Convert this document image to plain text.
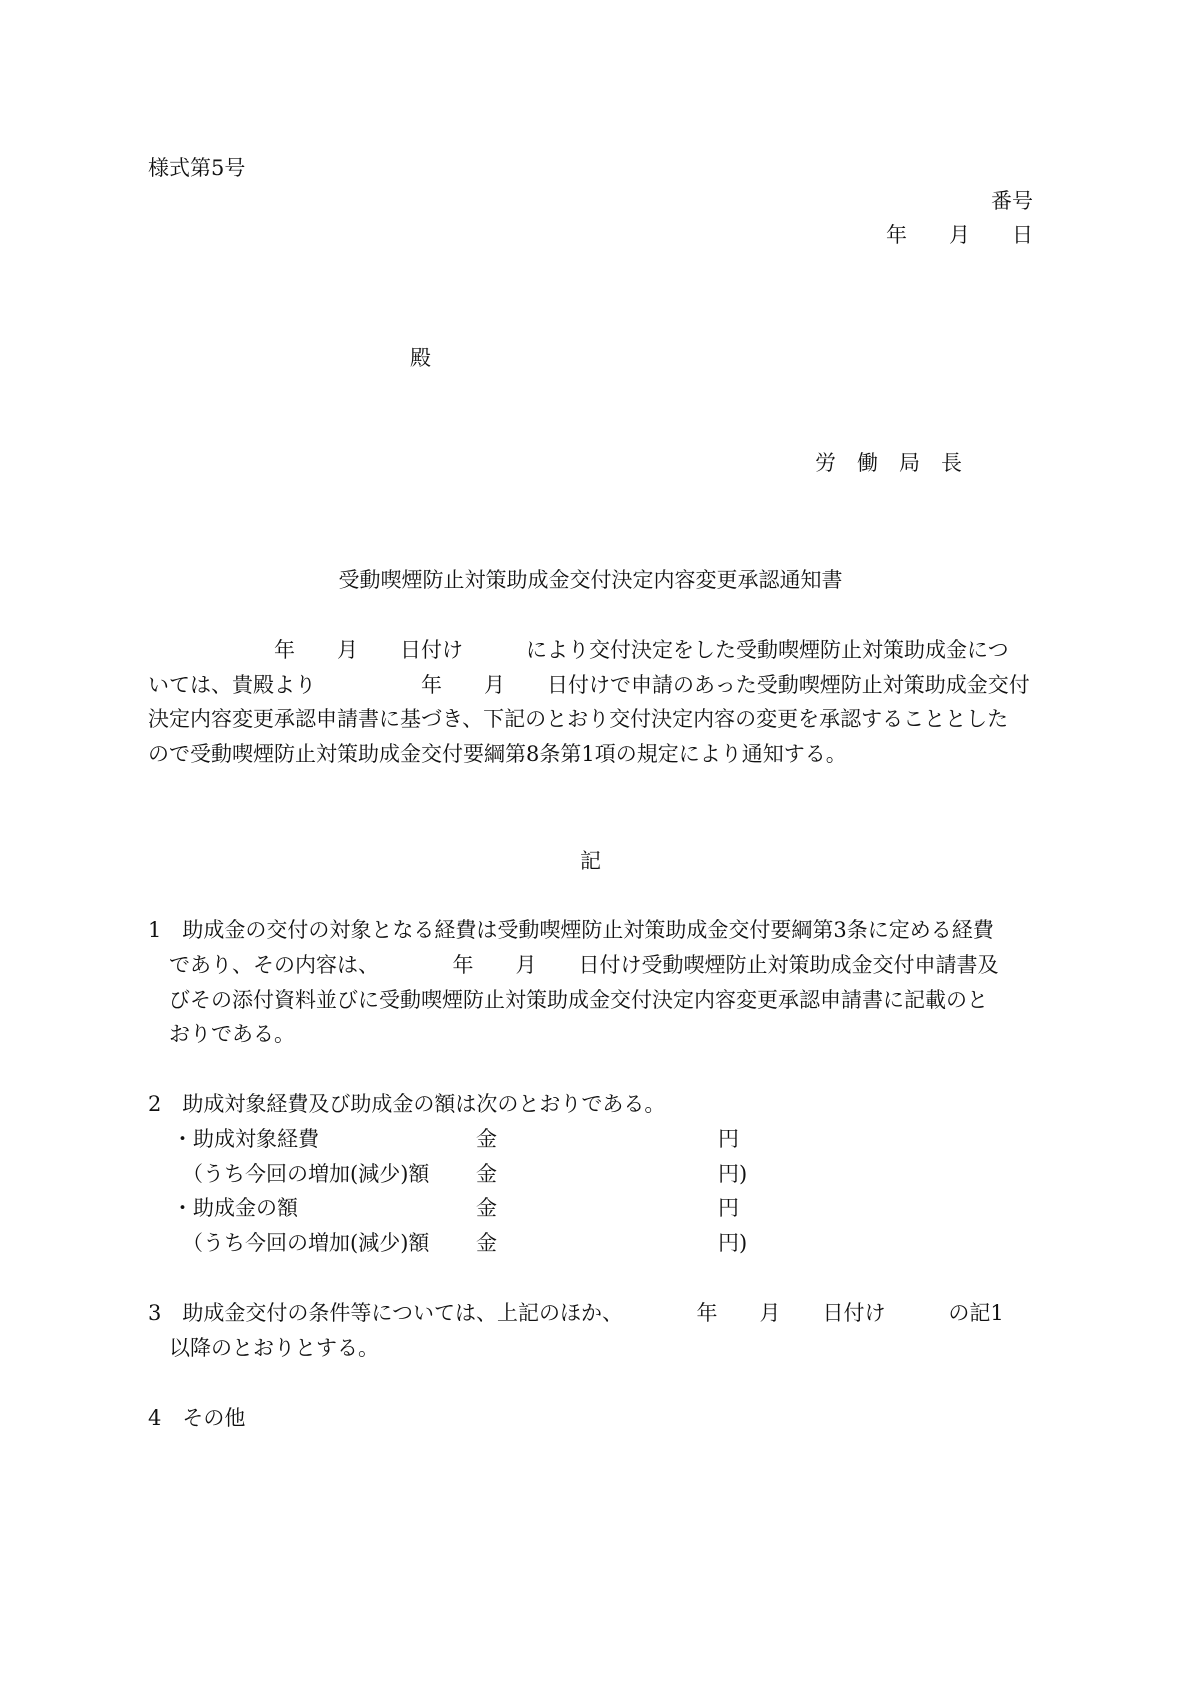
様式第5号

番号

年　　月　　日

殿

労　働　局　長

受動喫煙防止対策助成金交付決定内容変更承認通知書

　　　　　　年　　月　　日付け　　　により交付決定をした受動喫煙防止対策助成金につ

いては、貴殿より　　　　　年　　月　　日付けで申請のあった受動喫煙防止対策助成金交付

決定内容変更承認申請書に基づき、下記のとおり交付決定内容の変更を承認することとした

ので受動喫煙防止対策助成金交付要綱第8条第1項の規定により通知する。

記

1　助成金の交付の対象となる経費は受動喫煙防止対策助成金交付要綱第3条に定める経費

　であり、その内容は、　　　　年　　月　　日付け受動喫煙防止対策助成金交付申請書及

　びその添付資料並びに受動喫煙防止対策助成金交付決定内容変更承認申請書に記載のと

　おりである。

2　助成対象経費及び助成金の額は次のとおりである。

・助成対象経費	金	円

（うち今回の増加(減少)額 金	円)

・助成金の額	金	円

（うち今回の増加(減少)額 金	円)

3　助成金交付の条件等については、上記のほか、　　　　年　　月　　日付け　　　の記1

　以降のとおりとする。

4　その他
